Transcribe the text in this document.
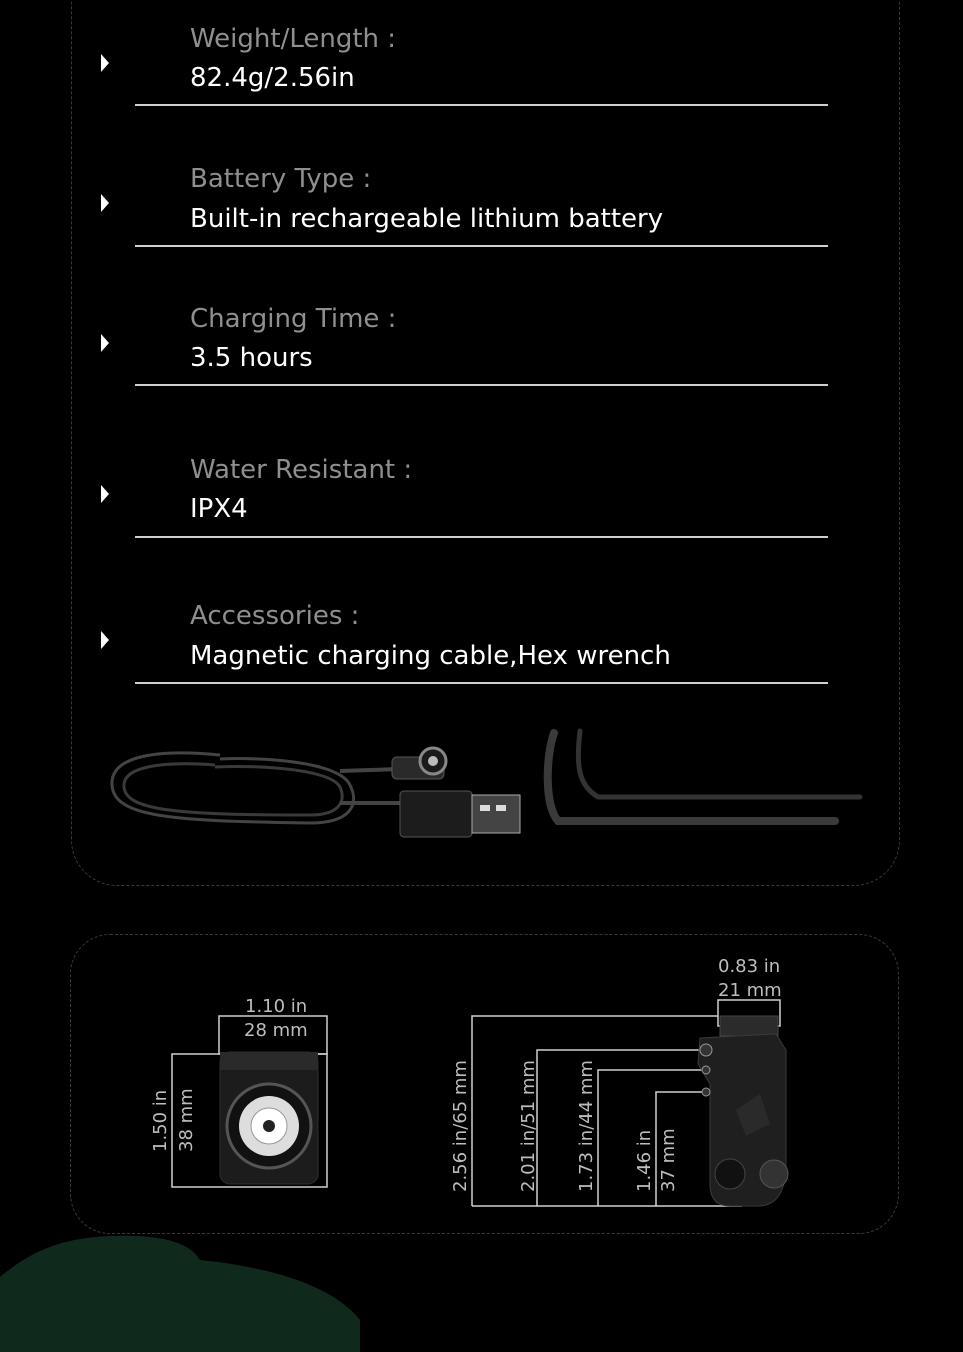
Weight/Length :
82.4g/2.56in
Battery Type :
Built-in rechargeable lithium battery
Charging Time :
3.5 hours
Water Resistant :
IPX4
Accessories :
Magnetic charging cable,Hex wrench
1.10 in
28 mm
1.50 in 38 mm
0.83 in
21 mm
2.56 in/65 mm	2.01 in/51 mm 1.73 in/44 mm 1.46 in 37 mm
